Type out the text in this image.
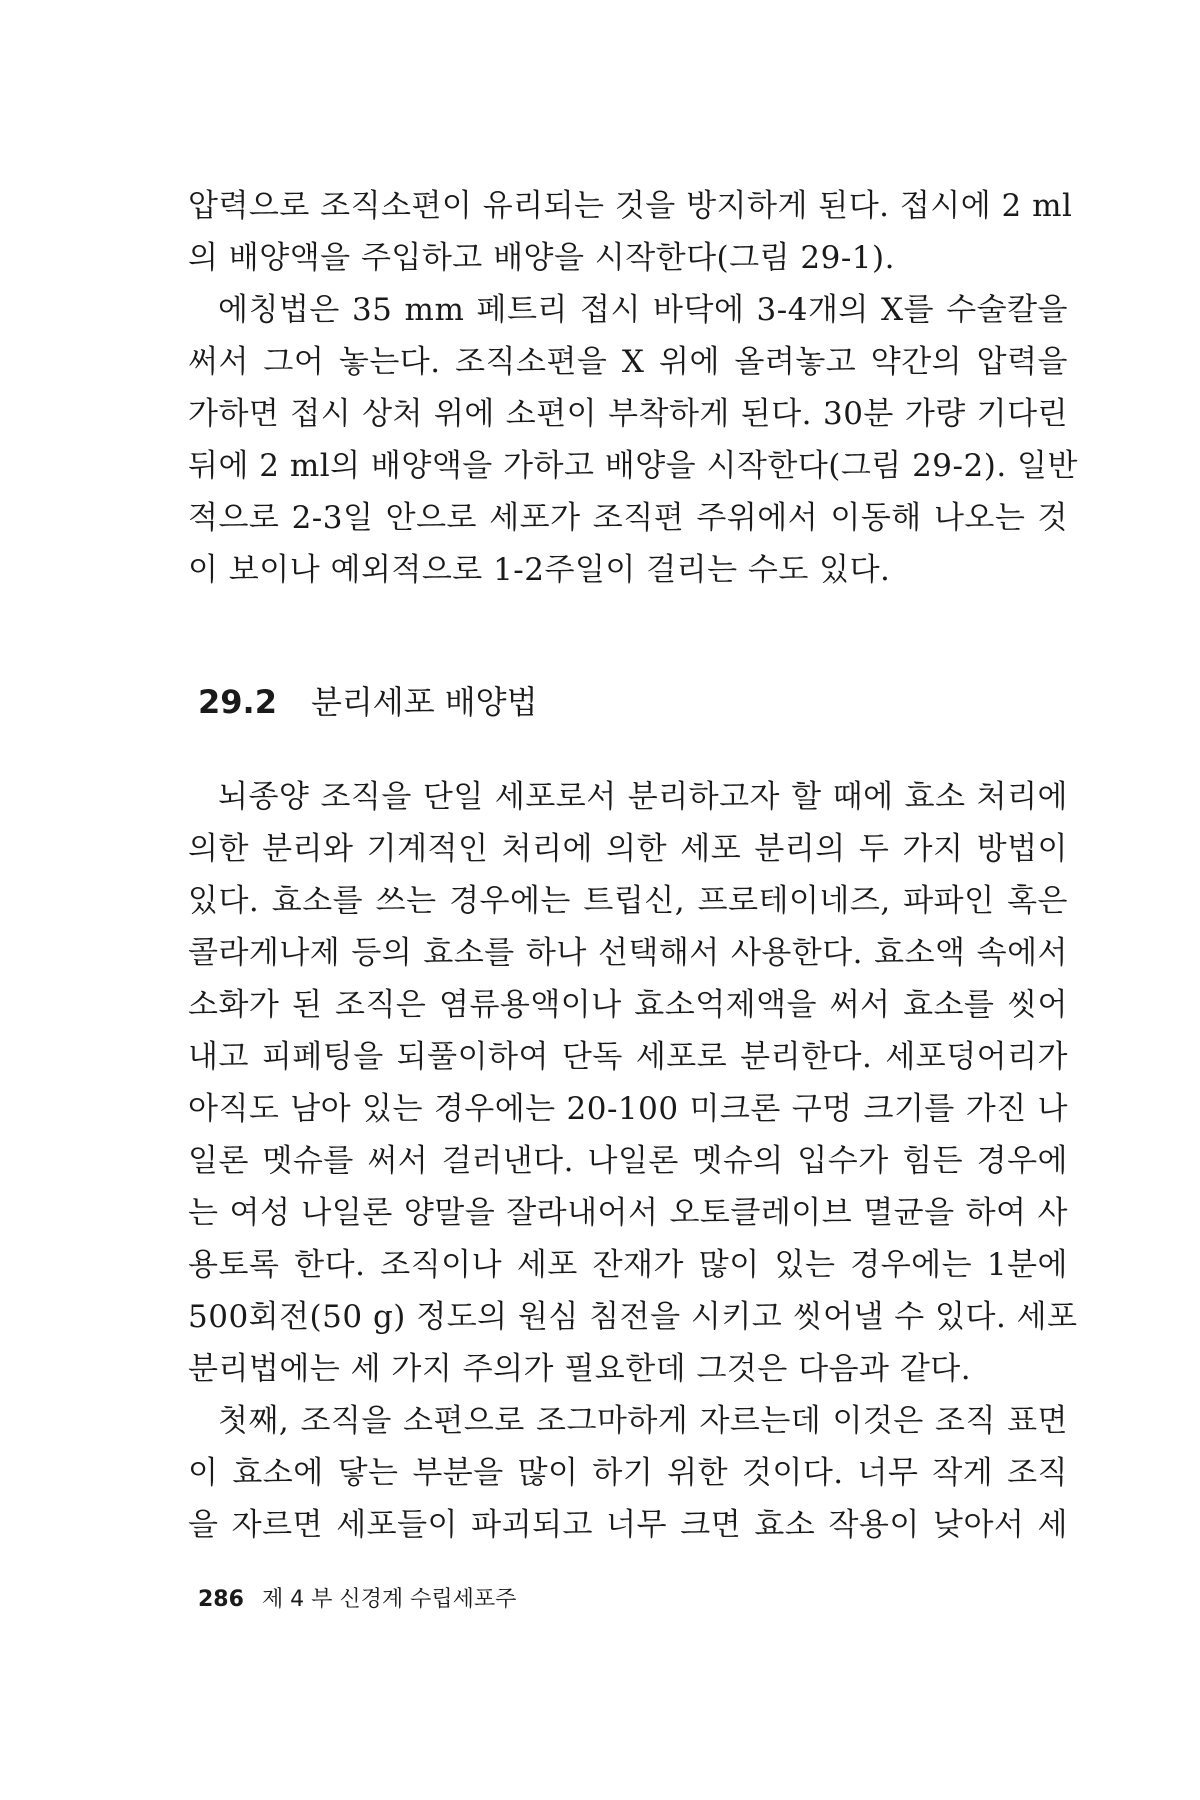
압력으로 조직소편이 유리되는 것을 방지하게 된다. 접시에 2 ml
의 배양액을 주입하고 배양을 시작한다(그림 29-1).
에칭법은 35 mm 페트리 접시 바닥에 3-4개의 X를 수술칼을
써서 그어 놓는다. 조직소편을 X 위에 올려놓고 약간의 압력을
가하면 접시 상처 위에 소편이 부착하게 된다. 30분 가량 기다린
뒤에 2 ml의 배양액을 가하고 배양을 시작한다(그림 29-2). 일반
적으로 2-3일 안으로 세포가 조직편 주위에서 이동해 나오는 것
이 보이나 예외적으로 1-2주일이 걸리는 수도 있다.
29.2 분리세포 배양법
뇌종양 조직을 단일 세포로서 분리하고자 할 때에 효소 처리에
의한 분리와 기계적인 처리에 의한 세포 분리의 두 가지 방법이
있다. 효소를 쓰는 경우에는 트립신, 프로테이네즈, 파파인 혹은
콜라게나제 등의 효소를 하나 선택해서 사용한다. 효소액 속에서
소화가 된 조직은 염류용액이나 효소억제액을 써서 효소를 씻어
내고 피페팅을 되풀이하여 단독 세포로 분리한다. 세포덩어리가
아직도 남아 있는 경우에는 20-100 미크론 구멍 크기를 가진 나
일론 멧슈를 써서 걸러낸다. 나일론 멧슈의 입수가 힘든 경우에
는 여성 나일론 양말을 잘라내어서 오토클레이브 멸균을 하여 사
용토록 한다. 조직이나 세포 잔재가 많이 있는 경우에는 1분에
500회전(50 g) 정도의 원심 침전을 시키고 씻어낼 수 있다. 세포
분리법에는 세 가지 주의가 필요한데 그것은 다음과 같다.
첫째, 조직을 소편으로 조그마하게 자르는데 이것은 조직 표면
이 효소에 닿는 부분을 많이 하기 위한 것이다. 너무 작게 조직
을 자르면 세포들이 파괴되고 너무 크면 효소 작용이 낮아서 세
286 제 4 부 신경계 수립세포주
